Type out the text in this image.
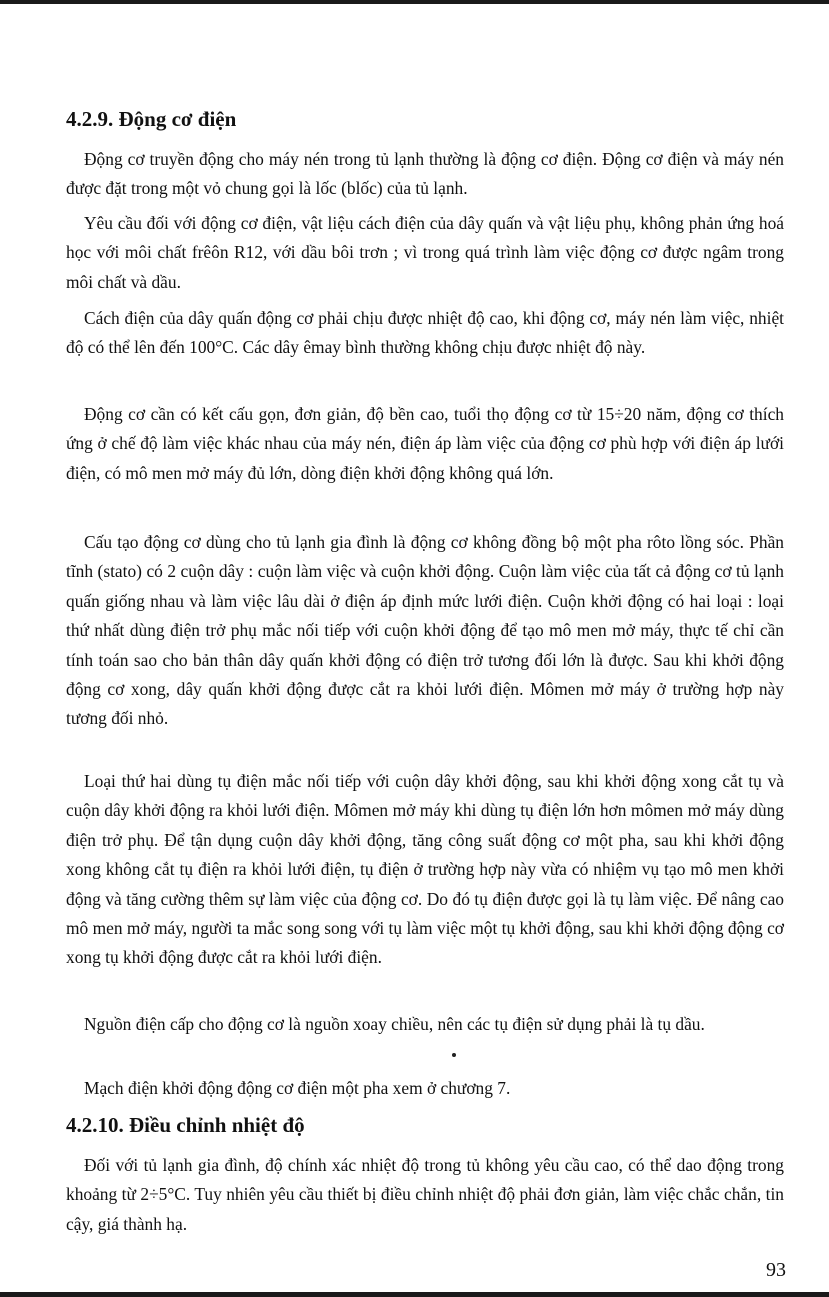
4.2.9. Động cơ điện

Động cơ truyền động cho máy nén trong tủ lạnh thường là động cơ điện. Động cơ điện và máy nén được đặt trong một vỏ chung gọi là lốc (blốc) của tủ lạnh.

Yêu cầu đối với động cơ điện, vật liệu cách điện của dây quấn và vật liệu phụ, không phản ứng hoá học với môi chất frêôn R12, với dầu bôi trơn ; vì trong quá trình làm việc động cơ được ngâm trong môi chất và dầu.

Cách điện của dây quấn động cơ phải chịu được nhiệt độ cao, khi động cơ, máy nén làm việc, nhiệt độ có thể lên đến 100°C. Các dây êmay bình thường không chịu được nhiệt độ này.

Động cơ cần có kết cấu gọn, đơn giản, độ bền cao, tuổi thọ động cơ từ 15÷20 năm, động cơ thích ứng ở chế độ làm việc khác nhau của máy nén, điện áp làm việc của động cơ phù hợp với điện áp lưới điện, có mô men mở máy đủ lớn, dòng điện khởi động không quá lớn.

Cấu tạo động cơ dùng cho tủ lạnh gia đình là động cơ không đồng bộ một pha rôto lồng sóc. Phần tĩnh (stato) có 2 cuộn dây : cuộn làm việc và cuộn khởi động. Cuộn làm việc của tất cả động cơ tủ lạnh quấn giống nhau và làm việc lâu dài ở điện áp định mức lưới điện. Cuộn khởi động có hai loại : loại thứ nhất dùng điện trở phụ mắc nối tiếp với cuộn khởi động để tạo mô men mở máy, thực tế chỉ cần tính toán sao cho bản thân dây quấn khởi động có điện trở tương đối lớn là được. Sau khi khởi động động cơ xong, dây quấn khởi động được cắt ra khỏi lưới điện. Mômen mở máy ở trường hợp này tương đối nhỏ.

Loại thứ hai dùng tụ điện mắc nối tiếp với cuộn dây khởi động, sau khi khởi động xong cắt tụ và cuộn dây khởi động ra khỏi lưới điện. Mômen mở máy khi dùng tụ điện lớn hơn mômen mở máy dùng điện trở phụ. Để tận dụng cuộn dây khởi động, tăng công suất động cơ một pha, sau khi khởi động xong không cắt tụ điện ra khỏi lưới điện, tụ điện ở trường hợp này vừa có nhiệm vụ tạo mô men khởi động và tăng cường thêm sự làm việc của động cơ. Do đó tụ điện được gọi là tụ làm việc. Để nâng cao mô men mở máy, người ta mắc song song với tụ làm việc một tụ khởi động, sau khi khởi động động cơ xong tụ khởi động được cắt ra khỏi lưới điện.

Nguồn điện cấp cho động cơ là nguồn xoay chiều, nên các tụ điện sử dụng phải là tụ dầu.

Mạch điện khởi động động cơ điện một pha xem ở chương 7.

4.2.10. Điều chỉnh nhiệt độ

Đối với tủ lạnh gia đình, độ chính xác nhiệt độ trong tủ không yêu cầu cao, có thể dao động trong khoảng từ 2÷5°C. Tuy nhiên yêu cầu thiết bị điều chỉnh nhiệt độ phải đơn giản, làm việc chắc chắn, tin cậy, giá thành hạ.

93
